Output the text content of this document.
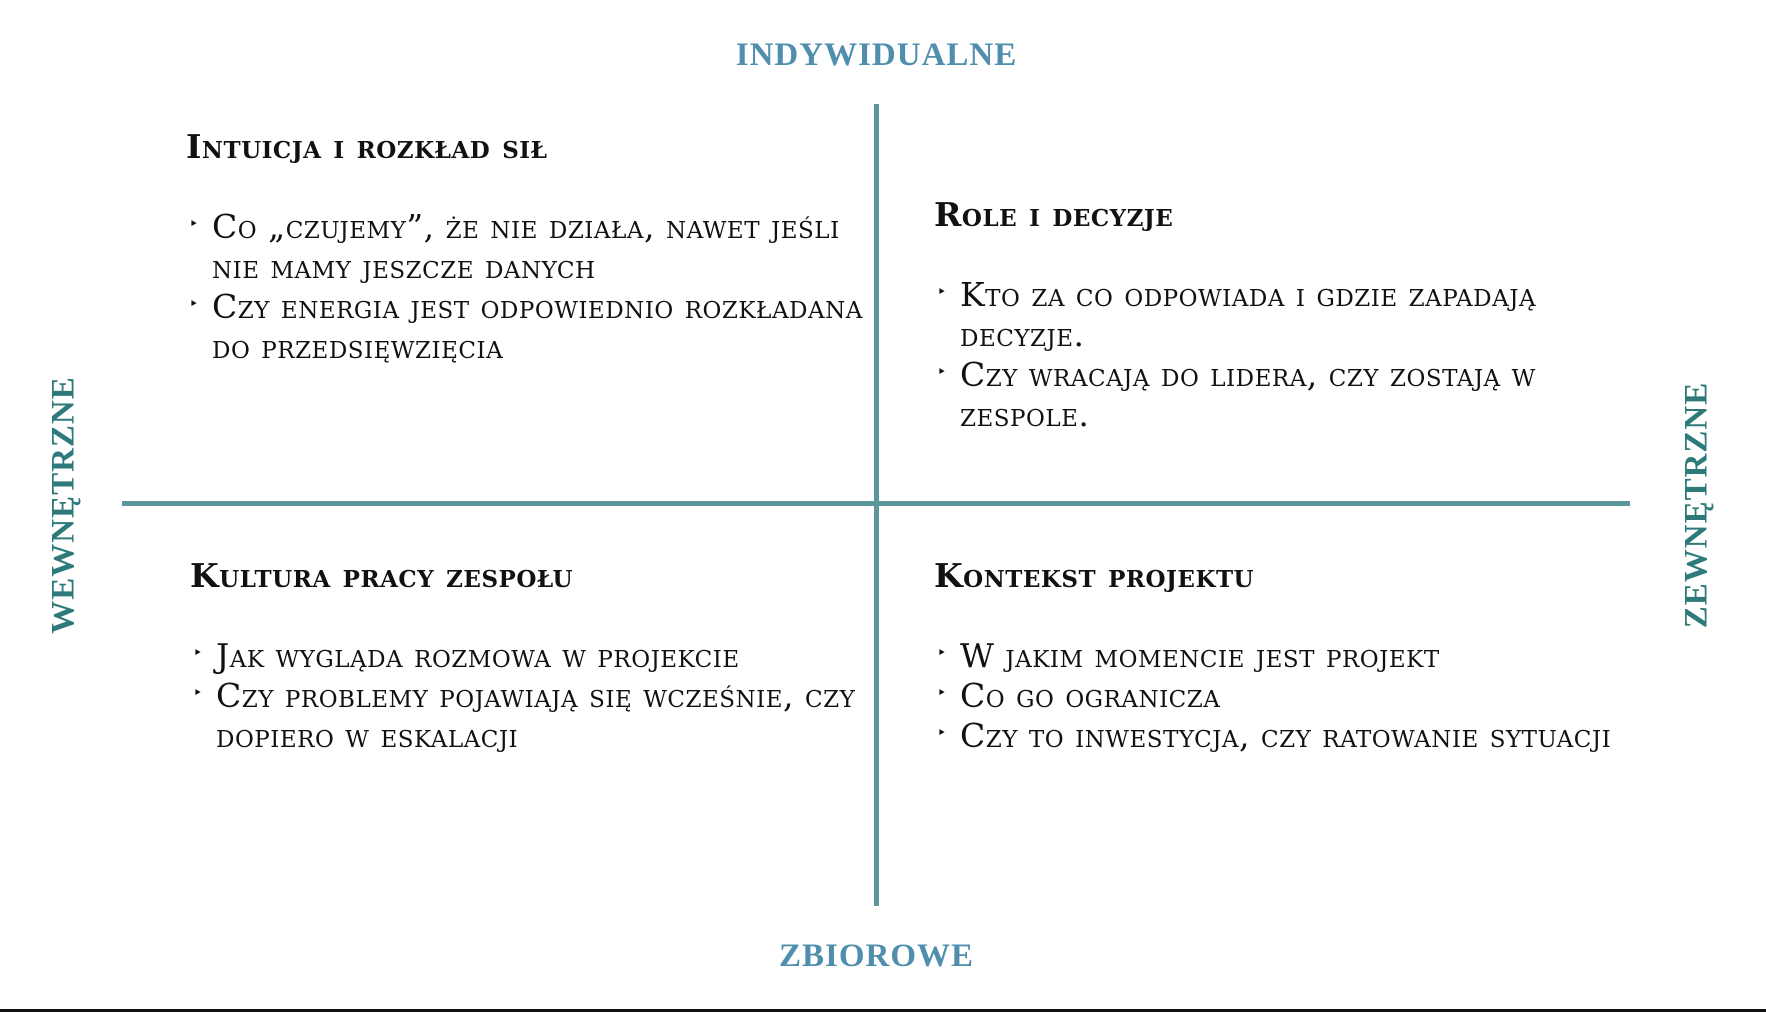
INDYWIDUALNE
ZBIOROWE
WEWNĘTRZNE	ZEWNĘTRZNE
Intuicja i rozkład sił
‣ Co „czujemy”, że nie działa, nawet jeśli nie mamy jeszcze danych
‣ Czy energia jest odpowiednio rozkładana do przedsięwzięcia
Role i decyzje
‣ Kto za co odpowiada i gdzie zapadają decyzje.
‣ Czy wracają do lidera, czy zostają w zespole.
Kultura pracy zespołu
‣ Jak wygląda rozmowa w projekcie
‣ Czy problemy pojawiają się wcześnie, czy dopiero w eskalacji
Kontekst projektu
‣ W jakim momencie jest projekt
‣ Co go ogranicza
‣ Czy to inwestycja, czy ratowanie sytuacji
